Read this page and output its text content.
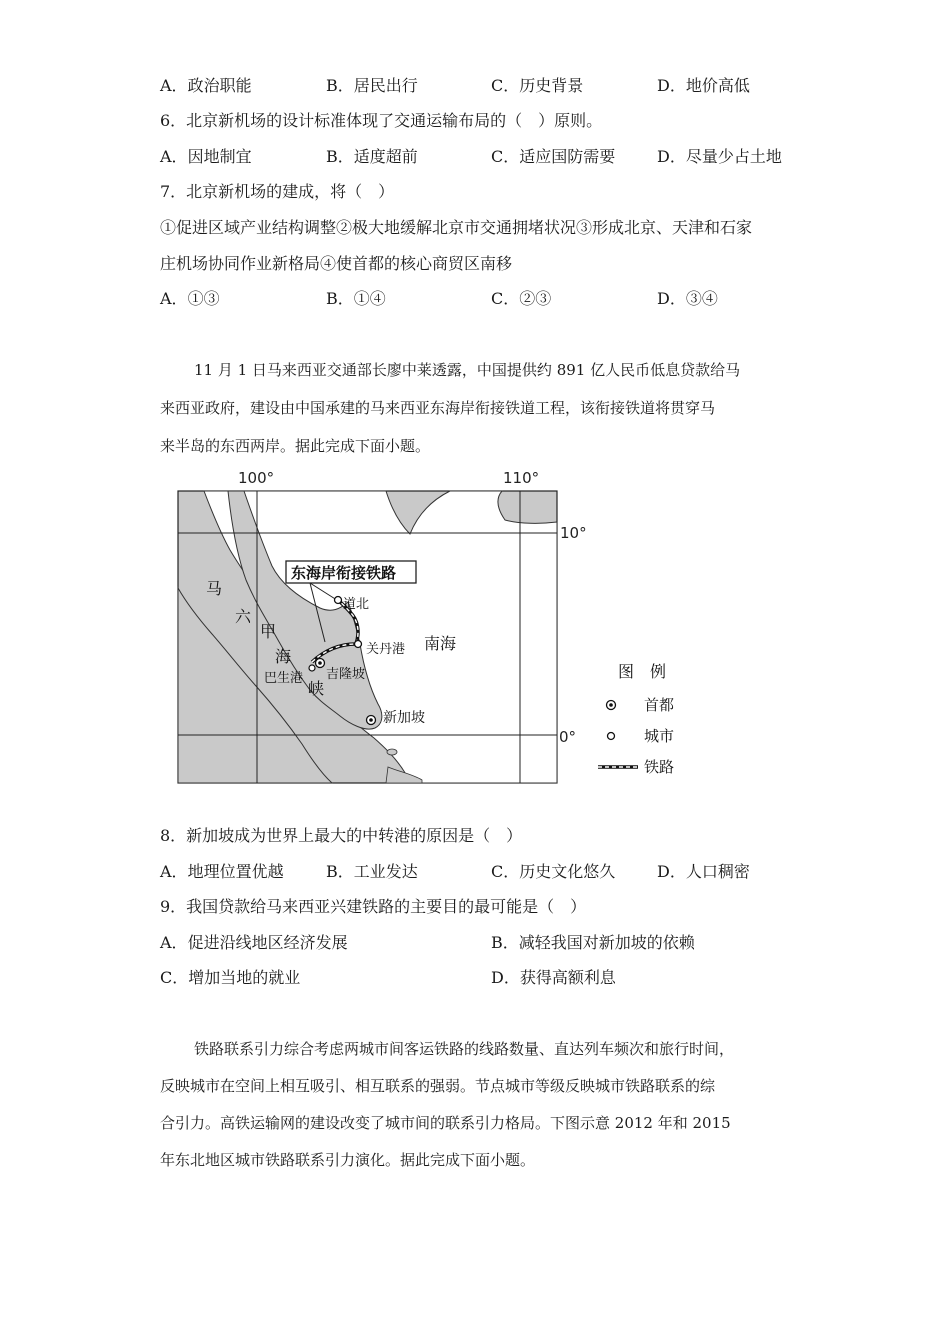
A．政治职能	B．居民出行	C．历史背景	D．地价高低
6．北京新机场的设计标准体现了交通运输布局的（　）原则。
A．因地制宜	B．适度超前	C．适应国防需要	D．尽量少占土地
7．北京新机场的建成，将（　）
①促进区域产业结构调整②极大地缓解北京市交通拥堵状况③形成北京、天津和石家
庄机场协同作业新格局④使首都的核心商贸区南移
A．①③	B．①④	C．②③	D．③④
11 月 1 日马来西亚交通部长廖中莱透露，中国提供约 891 亿人民币低息贷款给马
来西亚政府，建设由中国承建的马来西亚东海岸衔接铁道工程，该衔接铁道将贯穿马
来半岛的东西两岸。据此完成下面小题。
100°	110°
10°
0°
东海岸衔接铁路
马
六
甲
海
峡
南海
道北
关丹港
吉隆坡
巴生港
新加坡
图　例
首都
城市
铁路
8．新加坡成为世界上最大的中转港的原因是（　）
A．地理位置优越	B．工业发达	C．历史文化悠久	D．人口稠密
9．我国贷款给马来西亚兴建铁路的主要目的最可能是（　）
A．促进沿线地区经济发展	B．减轻我国对新加坡的依赖
C．增加当地的就业	D．获得高额利息
铁路联系引力综合考虑两城市间客运铁路的线路数量、直达列车频次和旅行时间，
反映城市在空间上相互吸引、相互联系的强弱。节点城市等级反映城市铁路联系的综
合引力。高铁运输网的建设改变了城市间的联系引力格局。下图示意 2012 年和 2015
年东北地区城市铁路联系引力演化。据此完成下面小题。
